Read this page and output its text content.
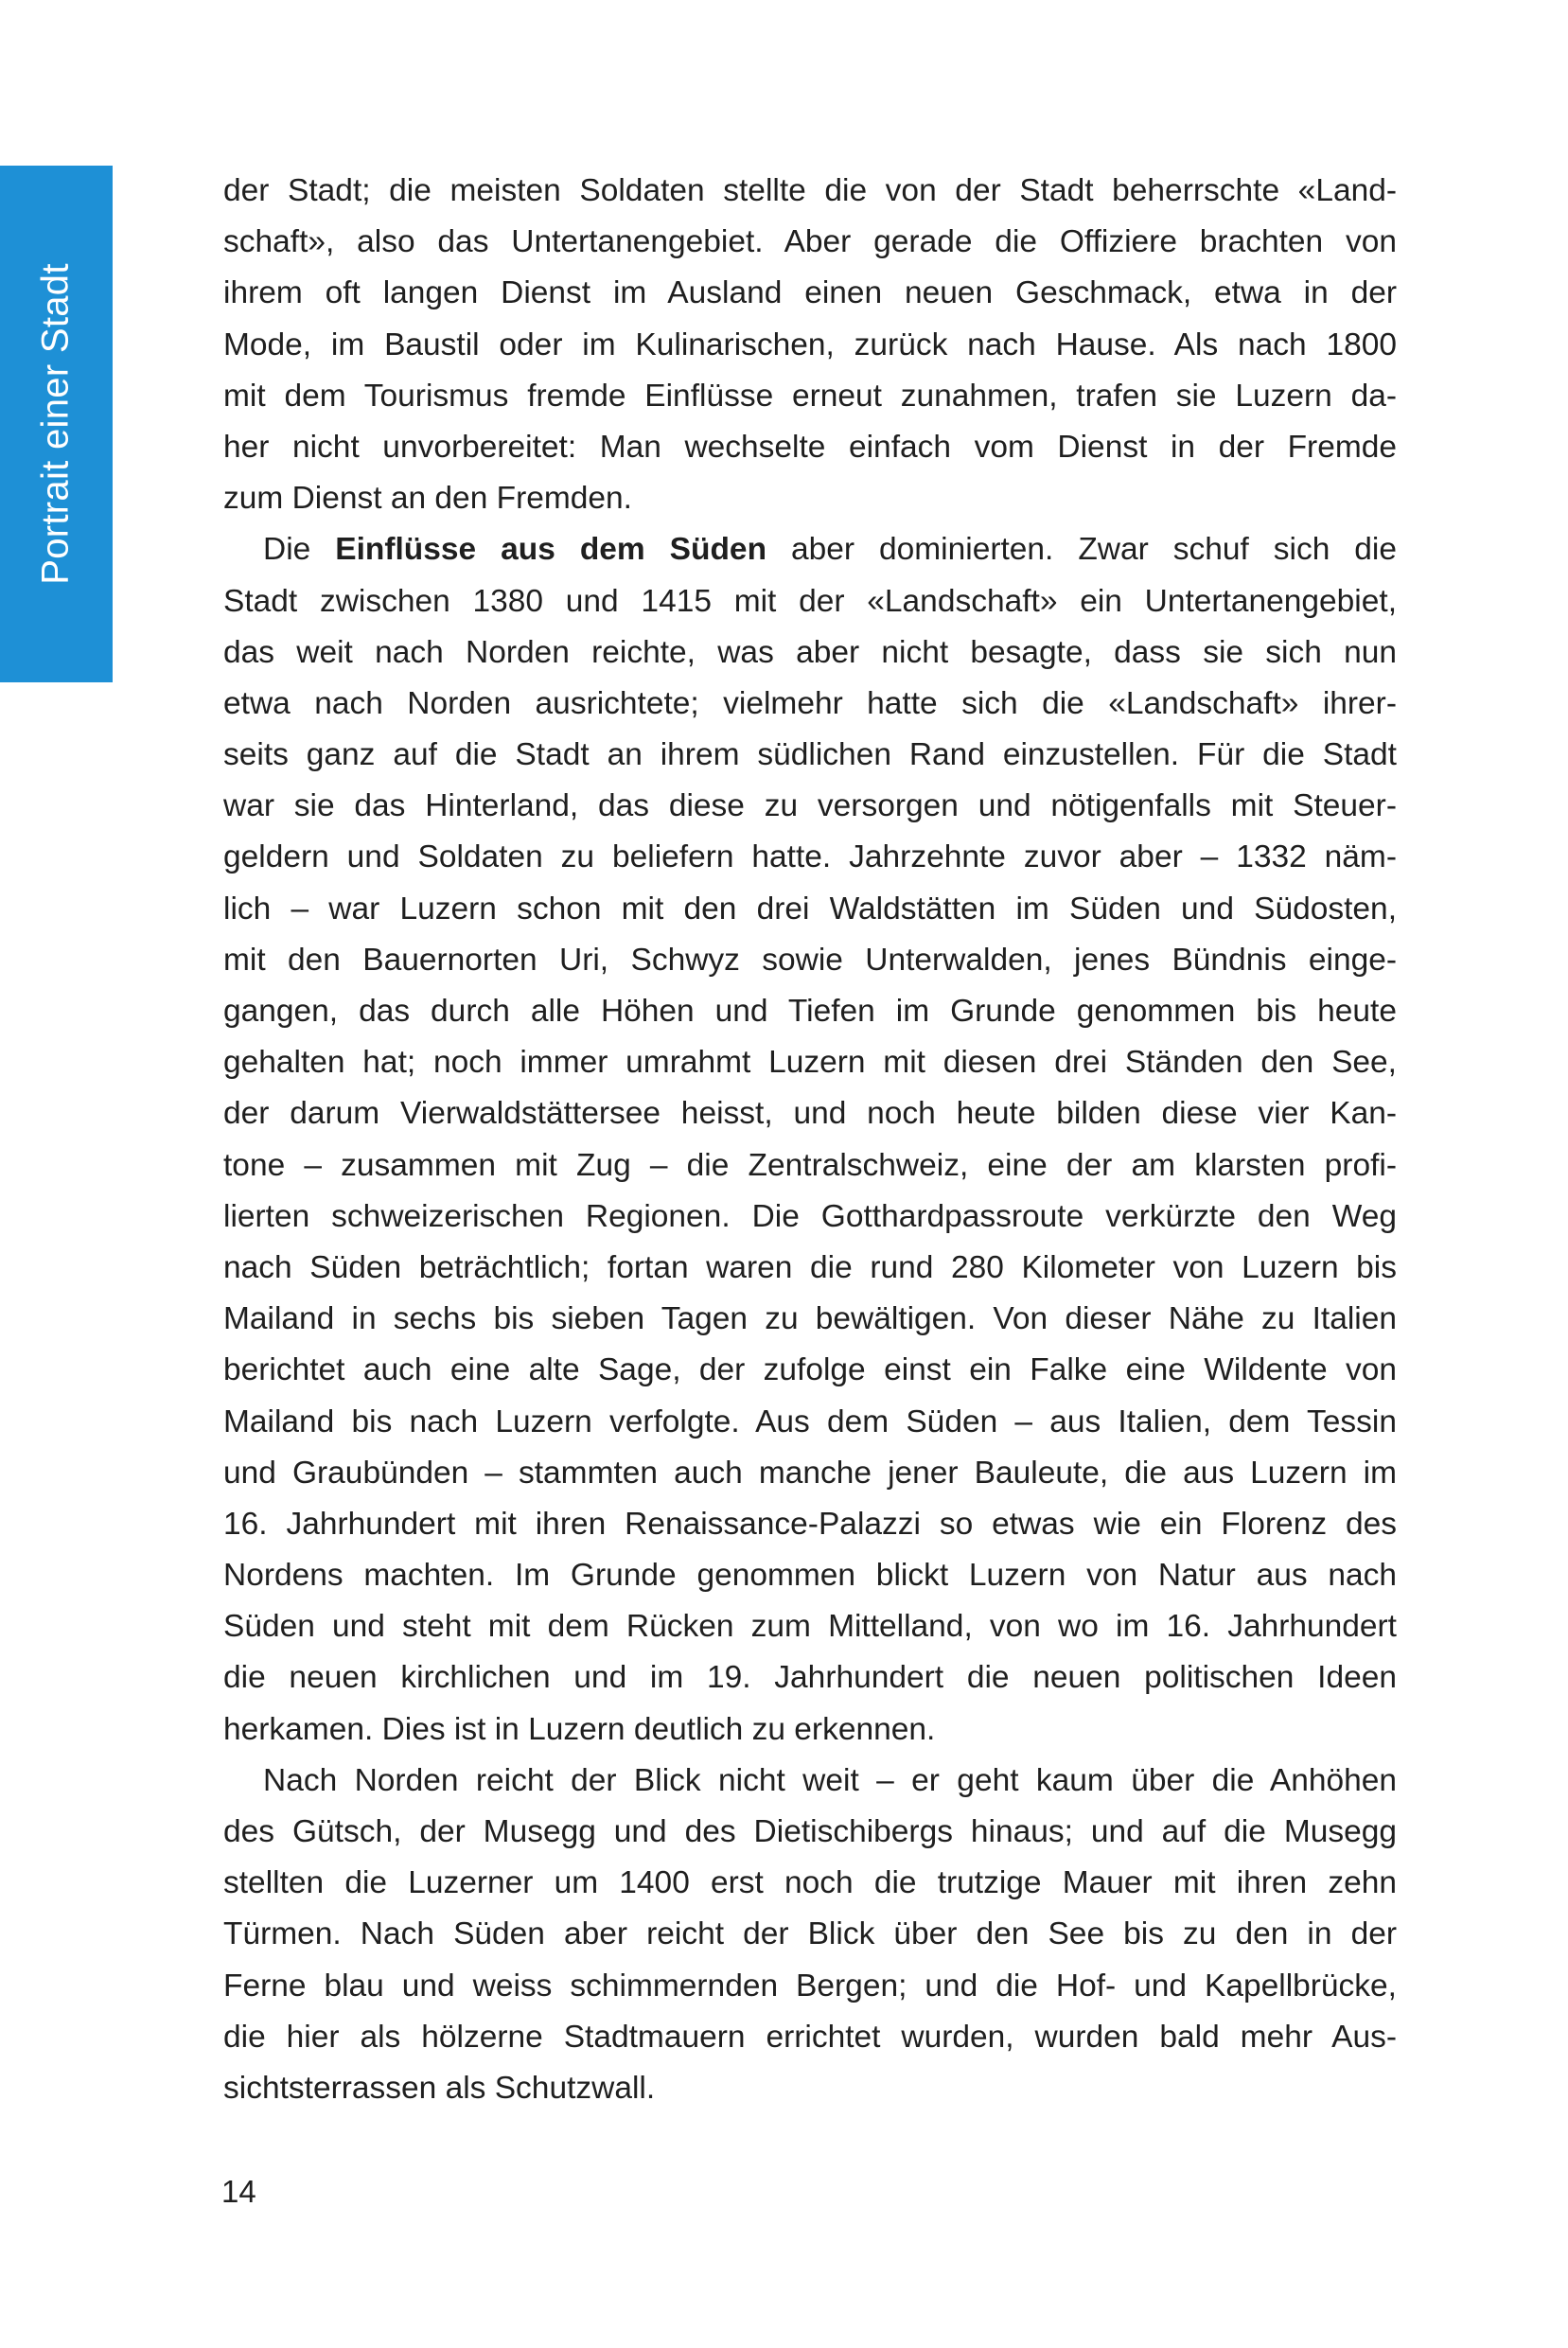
Portrait einer Stadt
der Stadt; die meisten Soldaten stellte die von der Stadt beherrschte «Land-
schaft», also das Untertanengebiet. Aber gerade die Offiziere brachten von
ihrem oft langen Dienst im Ausland einen neuen Geschmack, etwa in der
Mode, im Baustil oder im Kulinarischen, zurück nach Hause. Als nach 1800
mit dem Tourismus fremde Einflüsse erneut zunahmen, trafen sie Luzern da-
her nicht unvorbereitet: Man wechselte einfach vom Dienst in der Fremde
zum Dienst an den Fremden.
Die Einflüsse aus dem Süden aber dominierten. Zwar schuf sich die
Stadt zwischen 1380 und 1415 mit der «Landschaft» ein Untertanengebiet,
das weit nach Norden reichte, was aber nicht besagte, dass sie sich nun
etwa nach Norden ausrichtete; vielmehr hatte sich die «Landschaft» ihrer-
seits ganz auf die Stadt an ihrem südlichen Rand einzustellen. Für die Stadt
war sie das Hinterland, das diese zu versorgen und nötigenfalls mit Steuer-
geldern und Soldaten zu beliefern hatte. Jahrzehnte zuvor aber – 1332 näm-
lich – war Luzern schon mit den drei Waldstätten im Süden und Südosten,
mit den Bauernorten Uri, Schwyz sowie Unterwalden, jenes Bündnis einge-
gangen, das durch alle Höhen und Tiefen im Grunde genommen bis heute
gehalten hat; noch immer umrahmt Luzern mit diesen drei Ständen den See,
der darum Vierwaldstättersee heisst, und noch heute bilden diese vier Kan-
tone – zusammen mit Zug – die Zentralschweiz, eine der am klarsten profi-
lierten schweizerischen Regionen. Die Gotthardpassroute verkürzte den Weg
nach Süden beträchtlich; fortan waren die rund 280 Kilometer von Luzern bis
Mailand in sechs bis sieben Tagen zu bewältigen. Von dieser Nähe zu Italien
berichtet auch eine alte Sage, der zufolge einst ein Falke eine Wildente von
Mailand bis nach Luzern verfolgte. Aus dem Süden – aus Italien, dem Tessin
und Graubünden – stammten auch manche jener Bauleute, die aus Luzern im
16. Jahrhundert mit ihren Renaissance-Palazzi so etwas wie ein Florenz des
Nordens machten. Im Grunde genommen blickt Luzern von Natur aus nach
Süden und steht mit dem Rücken zum Mittelland, von wo im 16. Jahrhundert
die neuen kirchlichen und im 19. Jahrhundert die neuen politischen Ideen
herkamen. Dies ist in Luzern deutlich zu erkennen.
Nach Norden reicht der Blick nicht weit – er geht kaum über die Anhöhen
des Gütsch, der Musegg und des Dietischibergs hinaus; und auf die Musegg
stellten die Luzerner um 1400 erst noch die trutzige Mauer mit ihren zehn
Türmen. Nach Süden aber reicht der Blick über den See bis zu den in der
Ferne blau und weiss schimmernden Bergen; und die Hof- und Kapellbrücke,
die hier als hölzerne Stadtmauern errichtet wurden, wurden bald mehr Aus-
sichtsterrassen als Schutzwall.
14
